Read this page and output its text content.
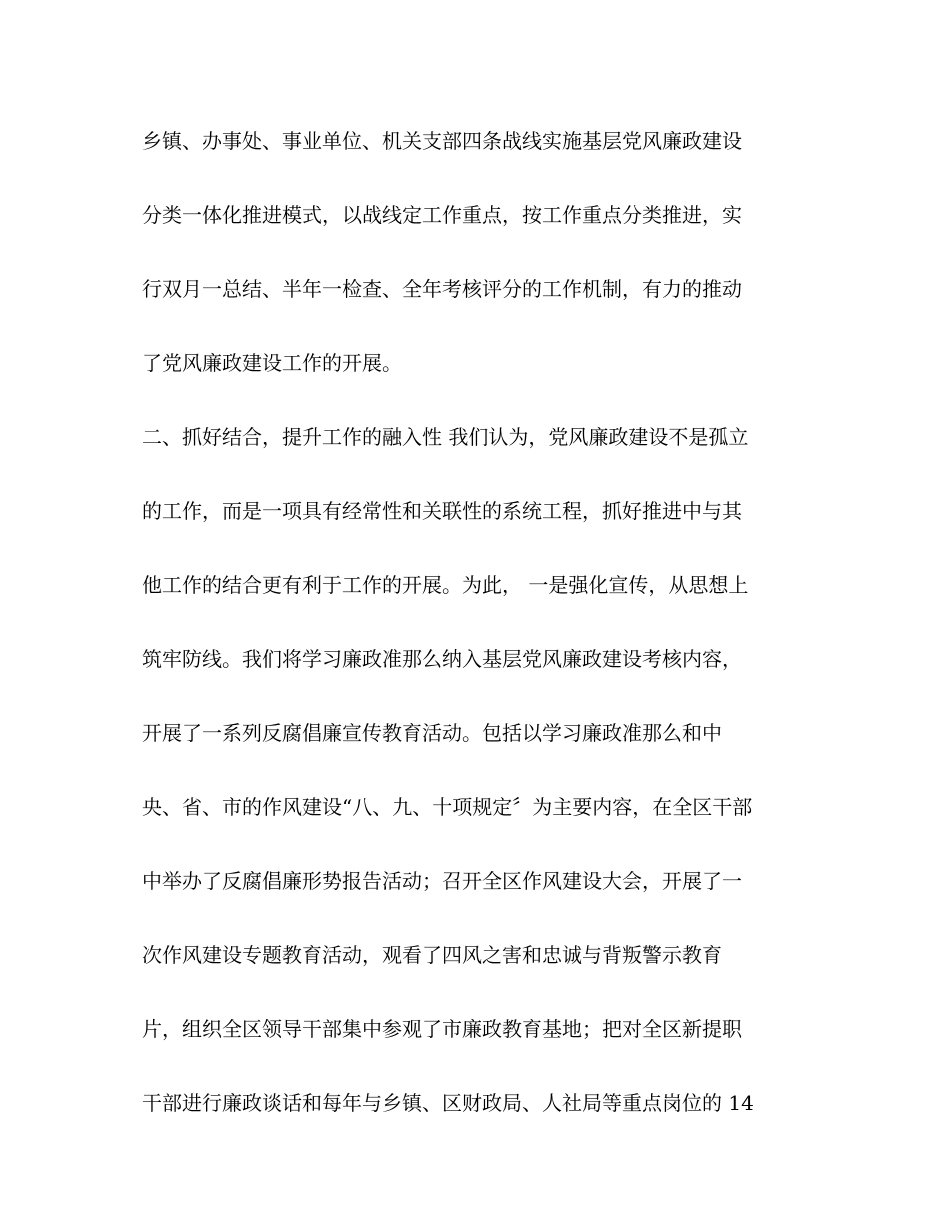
乡镇、办事处、事业单位、机关支部四条战线实施基层党风廉政建设

分类一体化推进模式，以战线定工作重点，按工作重点分类推进，实

行双月一总结、半年一检查、全年考核评分的工作机制，有力的推动

了党风廉政建设工作的开展。

二、抓好结合，提升工作的融入性 我们认为，党风廉政建设不是孤立

的工作，而是一项具有经常性和关联性的系统工程，抓好推进中与其

他工作的结合更有利于工作的开展。为此， 一是强化宣传，从思想上

筑牢防线。我们将学习廉政准那么纳入基层党风廉政建设考核内容，

开展了一系列反腐倡廉宣传教育活动。包括以学习廉政准那么和中

央、省、市的作风建设“八、九、十项规定〞为主要内容，在全区干部

中举办了反腐倡廉形势报告活动；召开全区作风建设大会，开展了一

次作风建设专题教育活动，观看了四风之害和忠诚与背叛警示教育

片，组织全区领导干部集中参观了市廉政教育基地；把对全区新提职

干部进行廉政谈话和每年与乡镇、区财政局、人社局等重点岗位的 14
